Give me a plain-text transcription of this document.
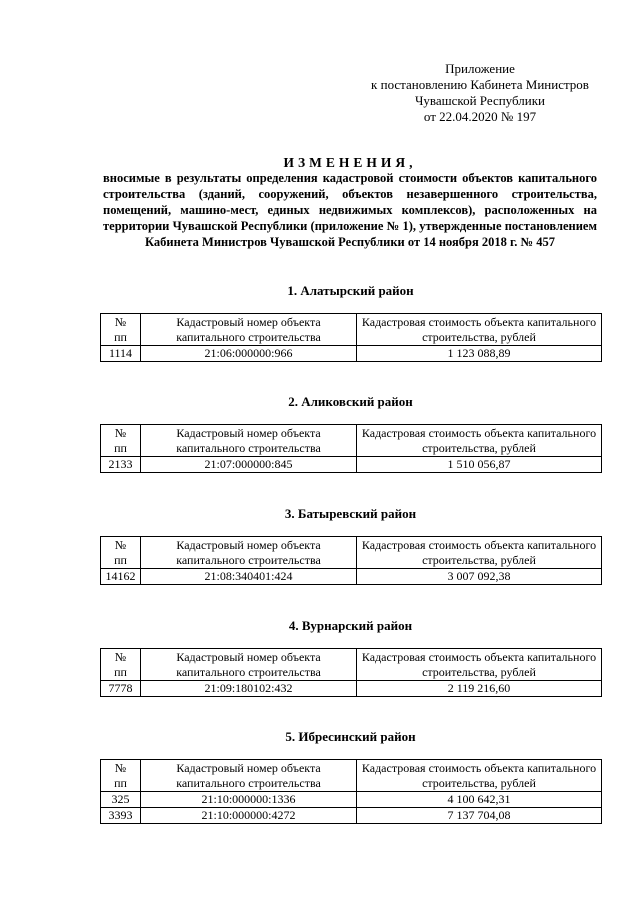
Приложение
к постановлению Кабинета Министров
Чувашской Республики
от 22.04.2020 № 197
ИЗМЕНЕНИЯ,
вносимые в результаты определения кадастровой стоимости объектов капитального строительства (зданий, сооружений, объектов незавершенного строительства, помещений, машино-мест, единых недвижимых комплексов), расположенных на территории Чувашской Республики (приложение № 1), утвержденные постановлением Кабинета Министров Чувашской Республики от 14 ноября 2018 г. № 457
1. Алатырский район
№
пп	Кадастровый номер объекта капитального строительства	Кадастровая стоимость объекта капитального строительства, рублей
1114	21:06:000000:966	1 123 088,89
2. Аликовский район
№
пп	Кадастровый номер объекта капитального строительства	Кадастровая стоимость объекта капитального строительства, рублей
2133	21:07:000000:845	1 510 056,87
3. Батыревский район
№
пп	Кадастровый номер объекта капитального строительства	Кадастровая стоимость объекта капитального строительства, рублей
14162	21:08:340401:424	3 007 092,38
4. Вурнарский район
№
пп	Кадастровый номер объекта капитального строительства	Кадастровая стоимость объекта капитального строительства, рублей
7778	21:09:180102:432	2 119 216,60
5. Ибресинский район
№
пп	Кадастровый номер объекта капитального строительства	Кадастровая стоимость объекта капитального строительства, рублей
325	21:10:000000:1336	4 100 642,31
3393	21:10:000000:4272	7 137 704,08
